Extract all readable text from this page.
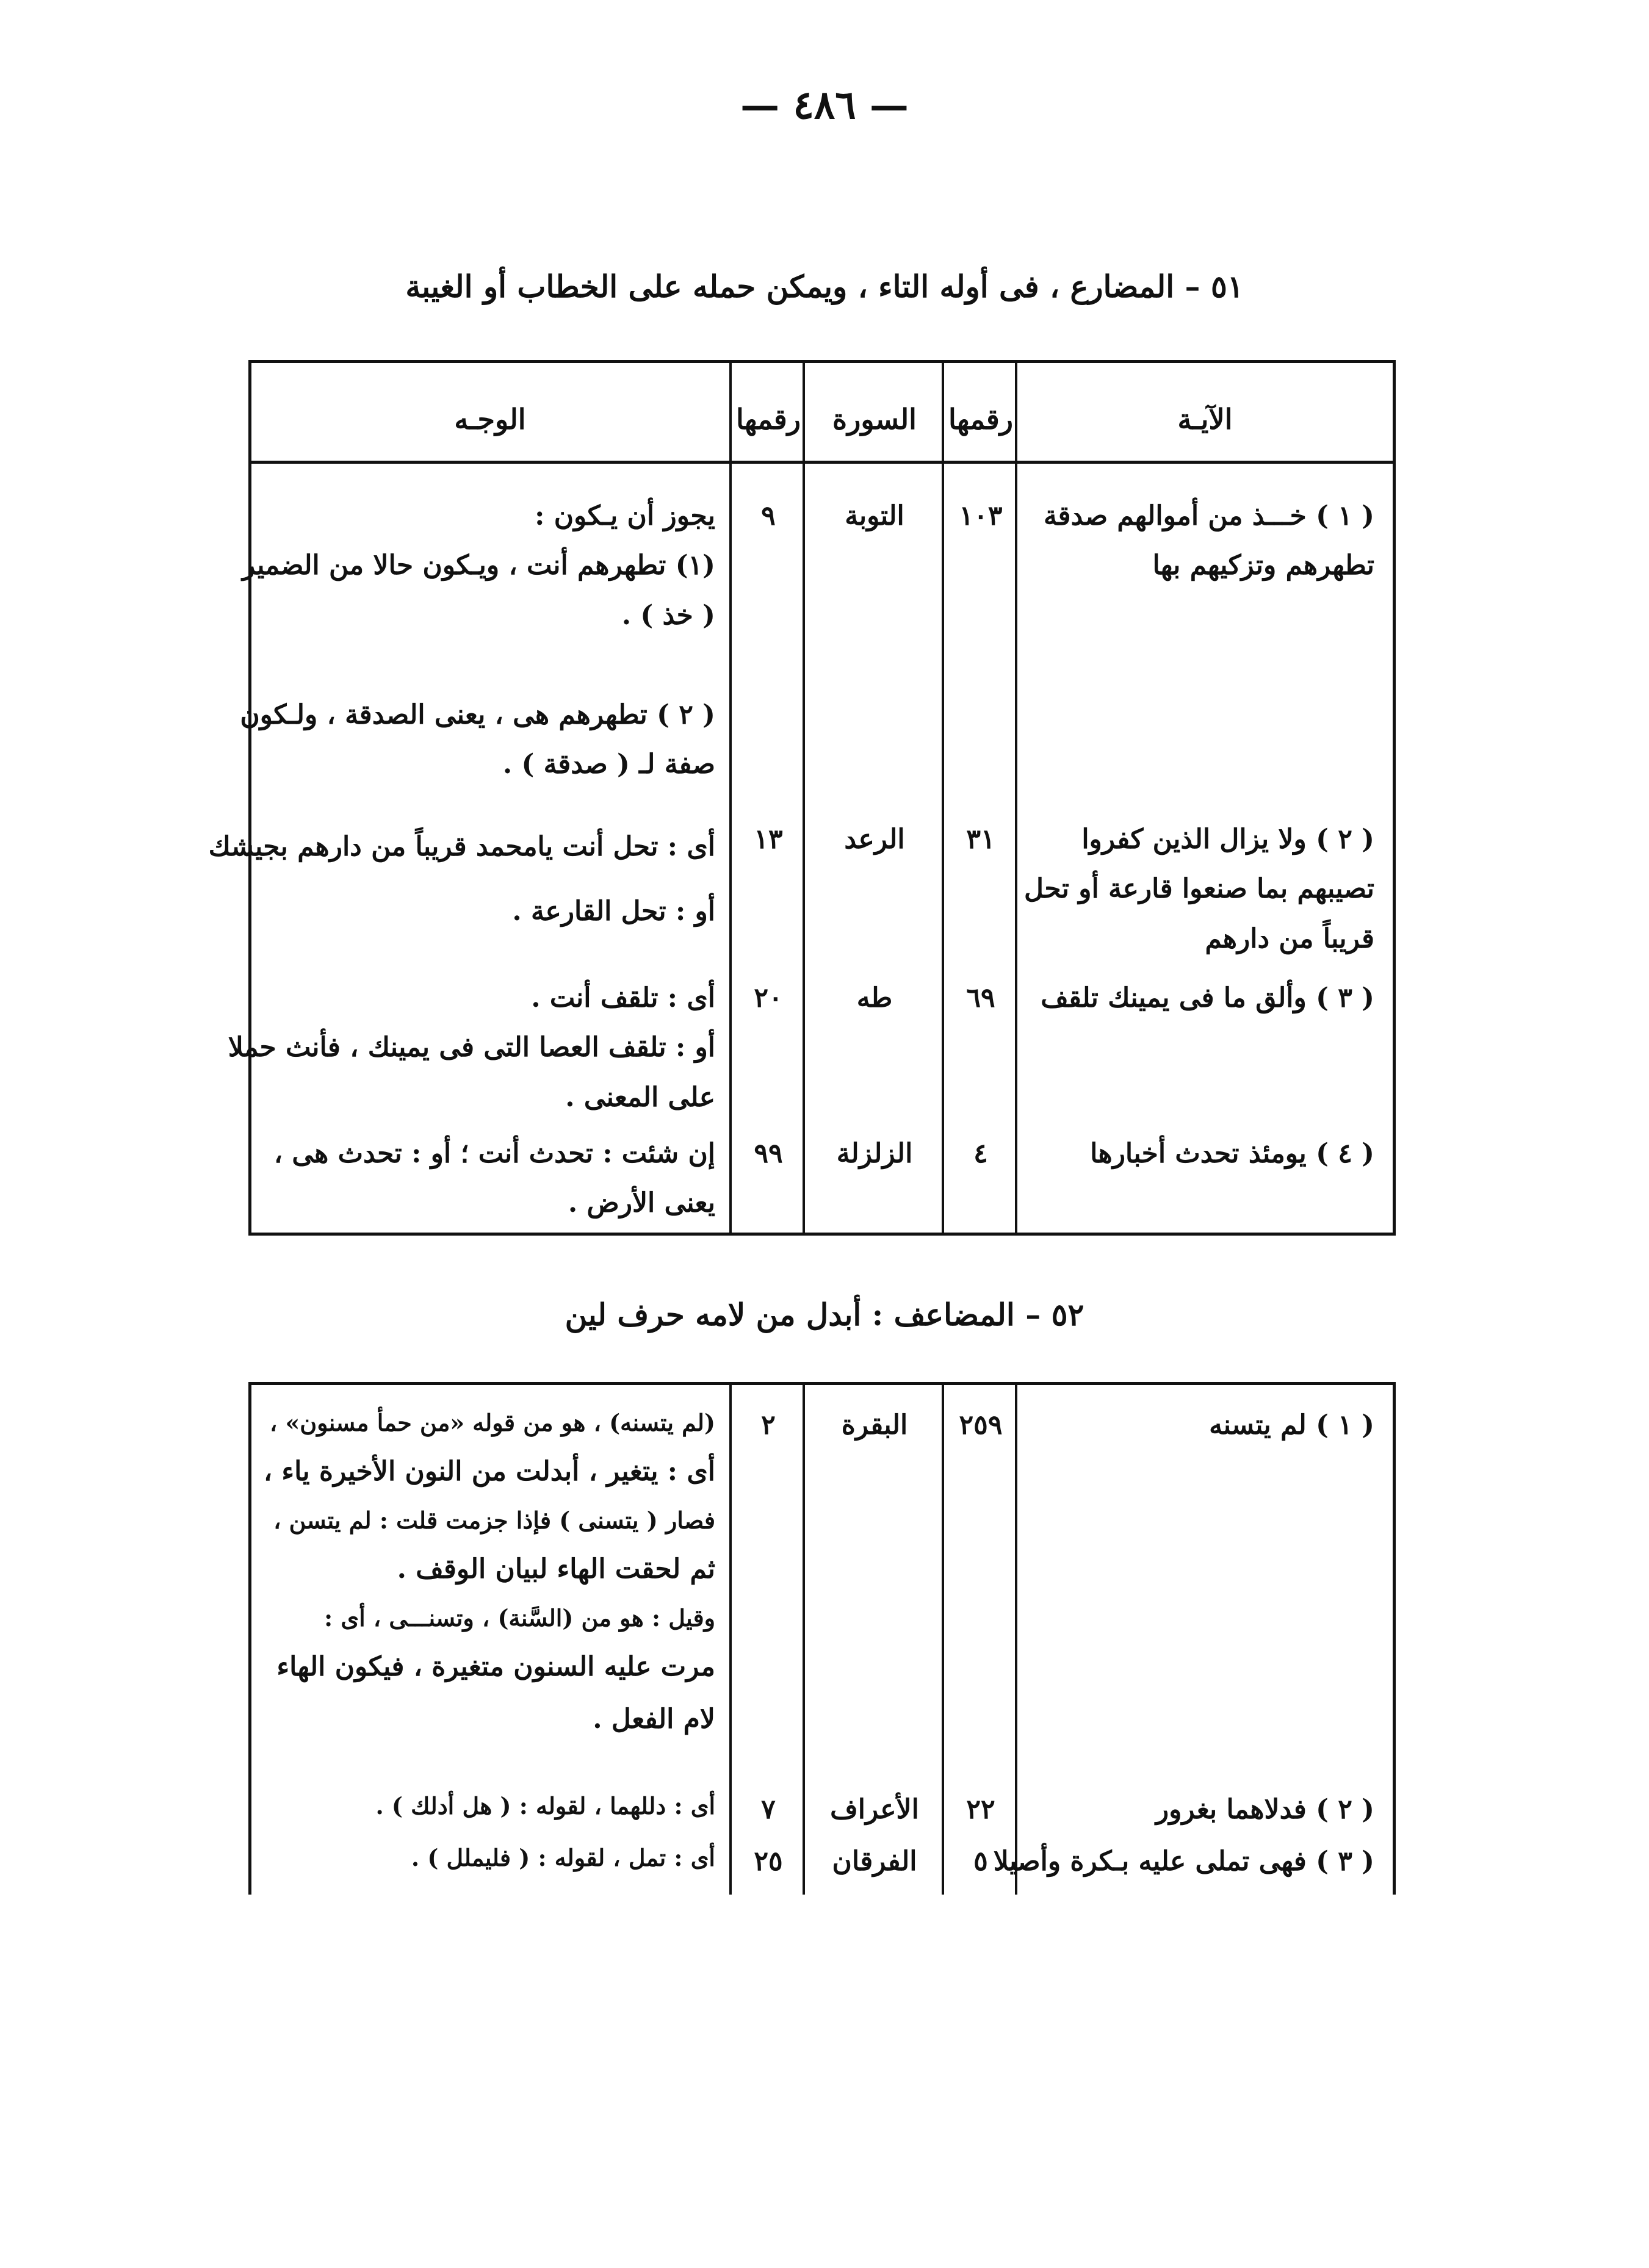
— ٤٨٦ —
٥١ – المضارع ، فى أوله التاء ، ويمكن حمله على الخطاب أو الغيبة
الآيـة
رقمها
السورة
رقمها
الوجـه
( ١ ) خـــذ من أموالهم صدقة
تطهرهم وتزكيهم بها
١٠٣
التوبة
٩
يجوز أن يـكون :
(١) تطهرهم أنت ، ويـكون حالا من الضمير
( خذ ) .

( ٢ ) تطهرهم هى ، يعنى الصدقة ، ولـكون
صفة لـ ( صدقة ) .
( ٢ ) ولا يزال الذين كفروا
تصيبهم بما صنعوا قارعة أو تحل
قريباً من دارهم
٣١
الرعد
١٣
أى : تحل أنت يامحمد قريباً من دارهم بجيشك
أو : تحل القارعة .
( ٣ ) وألق ما فى يمينك تلقف
٦٩
طه
٢٠
أى : تلقف أنت .
أو : تلقف العصا التى فى يمينك ، فأنث حملا
على المعنى .
( ٤ ) يومئذ تحدث أخبارها
٤
الزلزلة
٩٩
إن شئت : تحدث أنت ؛ أو : تحدث هى ،
يعنى الأرض .
٥٢ – المضاعف : أبدل من لامه حرف لين
( ١ ) لم يتسنه
٢٥٩
البقرة
٢
(لم يتسنه) ، هو من قوله «من حمأ مسنون» ،
أى : يتغير ، أبدلت من النون الأخيرة ياء ،
فصار ( يتسنى ) فإذا جزمت قلت : لم يتسن ،
ثم لحقت الهاء لبيان الوقف .
وقيل : هو من (السَّنة) ، وتسنـــى ، أى :
مرت عليه السنون متغيرة ، فيكون الهاء
لام الفعل .
( ٢ ) فدلاهما بغرور
٢٢
الأعراف
٧
أى : دللهما ، لقوله : ( هل أدلك ) .
( ٣ ) فهى تملى عليه بـكرة وأصيلا
٥
الفرقان
٢٥
أى : تمل ، لقوله : ( فليملل ) .
